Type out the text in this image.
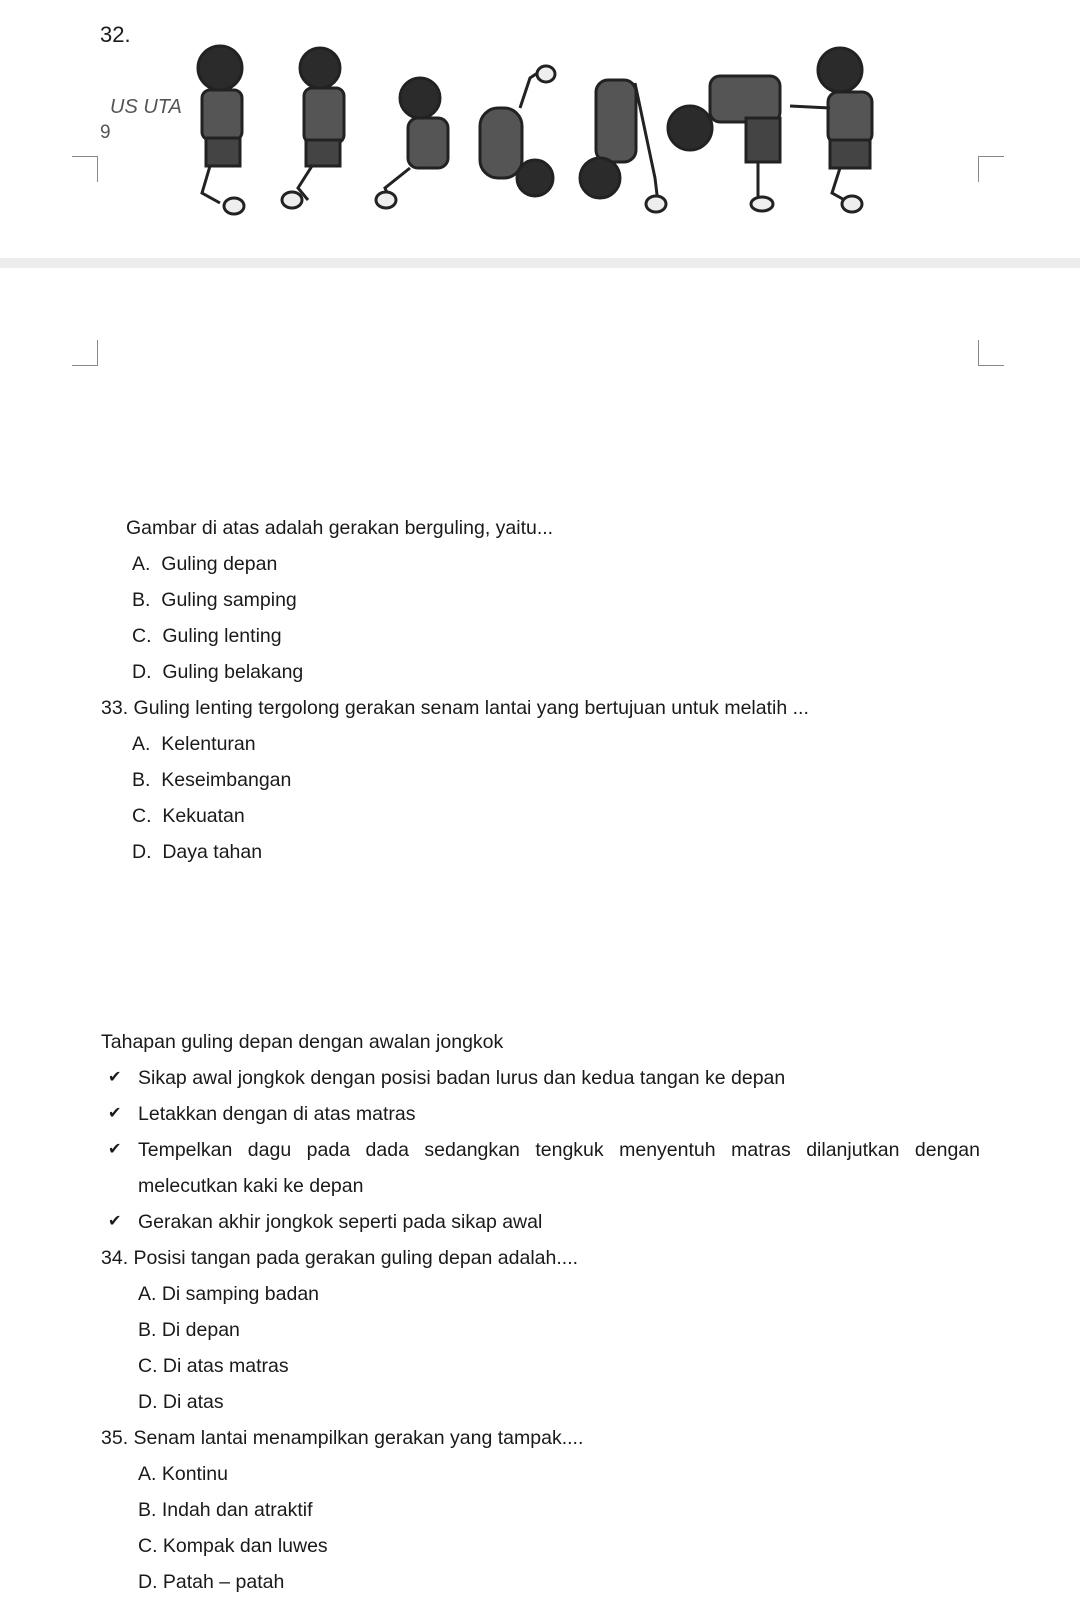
32.
US UTA
9
Gambar di atas adalah gerakan berguling, yaitu...
A. Guling depan
B. Guling samping
C. Guling lenting
D. Guling belakang
33. Guling lenting tergolong gerakan senam lantai yang bertujuan untuk melatih ...
A. Kelenturan
B. Keseimbangan
C. Kekuatan
D. Daya tahan
Tahapan guling depan dengan awalan jongkok
✔ Sikap awal jongkok dengan posisi badan lurus dan kedua tangan ke depan
✔ Letakkan dengan di atas matras
✔ Tempelkan dagu pada dada sedangkan tengkuk menyentuh matras dilanjutkan dengan
melecutkan kaki ke depan
✔ Gerakan akhir jongkok seperti pada sikap awal
34. Posisi tangan pada gerakan guling depan adalah....
A. Di samping badan
B. Di depan
C. Di atas matras
D. Di atas
35. Senam lantai menampilkan gerakan yang tampak....
A. Kontinu
B. Indah dan atraktif
C. Kompak dan luwes
D. Patah – patah
